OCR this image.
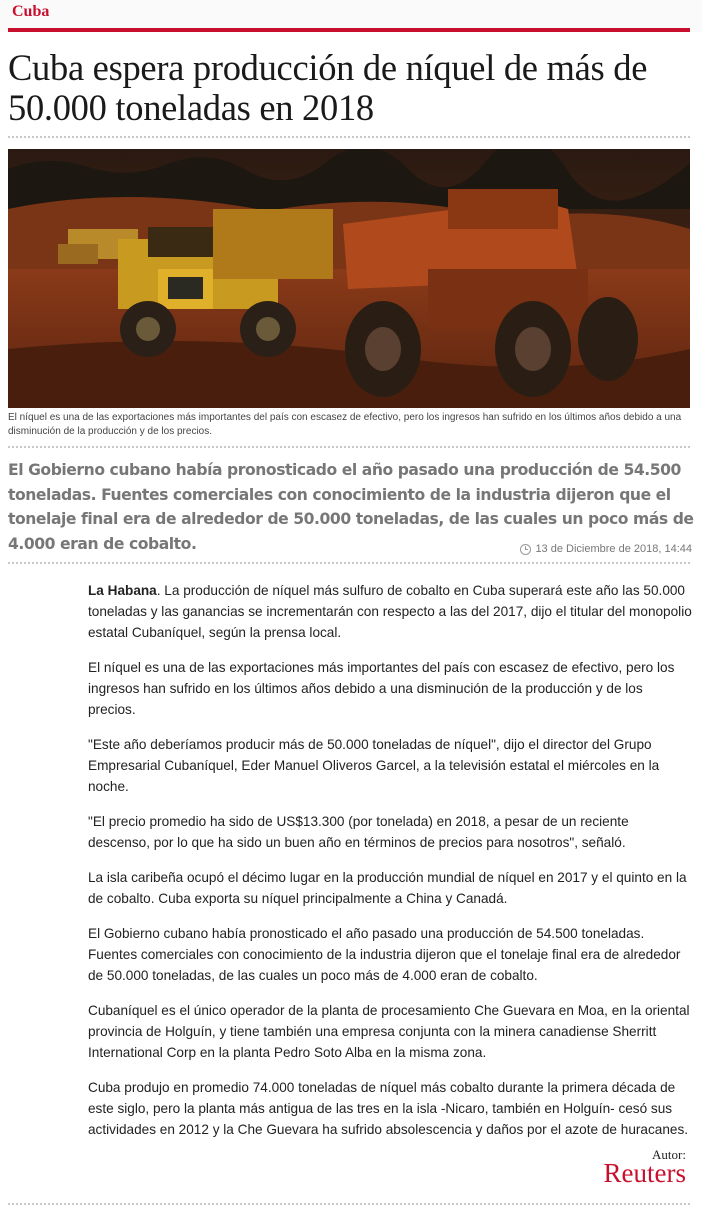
Cuba
Cuba espera producción de níquel de más de 50.000 toneladas en 2018
El níquel es una de las exportaciones más importantes del país con escasez de efectivo, pero los ingresos han sufrido en los últimos años debido a una disminución de la producción y de los precios.

El Gobierno cubano había pronosticado el año pasado una producción de 54.500 toneladas. Fuentes comerciales con conocimiento de la industria dijeron que el tonelaje final era de alrededor de 50.000 toneladas, de las cuales un poco más de 4.000 eran de cobalto.	13 de Diciembre de 2018, 14:44

La Habana. La producción de níquel más sulfuro de cobalto en Cuba superará este año las 50.000 toneladas y las ganancias se incrementarán con respecto a las del 2017, dijo el titular del monopolio estatal Cubaníquel, según la prensa local.

El níquel es una de las exportaciones más importantes del país con escasez de efectivo, pero los ingresos han sufrido en los últimos años debido a una disminución de la producción y de los precios.

"Este año deberíamos producir más de 50.000 toneladas de níquel", dijo el director del Grupo Empresarial Cubaníquel, Eder Manuel Oliveros Garcel, a la televisión estatal el miércoles en la noche.

"El precio promedio ha sido de US$13.300 (por tonelada) en 2018, a pesar de un reciente descenso, por lo que ha sido un buen año en términos de precios para nosotros", señaló.

La isla caribeña ocupó el décimo lugar en la producción mundial de níquel en 2017 y el quinto en la de cobalto. Cuba exporta su níquel principalmente a China y Canadá.

El Gobierno cubano había pronosticado el año pasado una producción de 54.500 toneladas. Fuentes comerciales con conocimiento de la industria dijeron que el tonelaje final era de alrededor de 50.000 toneladas, de las cuales un poco más de 4.000 eran de cobalto.

Cubaníquel es el único operador de la planta de procesamiento Che Guevara en Moa, en la oriental provincia de Holguín, y tiene también una empresa conjunta con la minera canadiense Sherritt International Corp en la planta Pedro Soto Alba en la misma zona.

Cuba produjo en promedio 74.000 toneladas de níquel más cobalto durante la primera década de este siglo, pero la planta más antigua de las tres en la isla -Nicaro, también en Holguín- cesó sus actividades en 2012 y la Che Guevara ha sufrido absolescencia y daños por el azote de huracanes.

Autor:
Reuters
